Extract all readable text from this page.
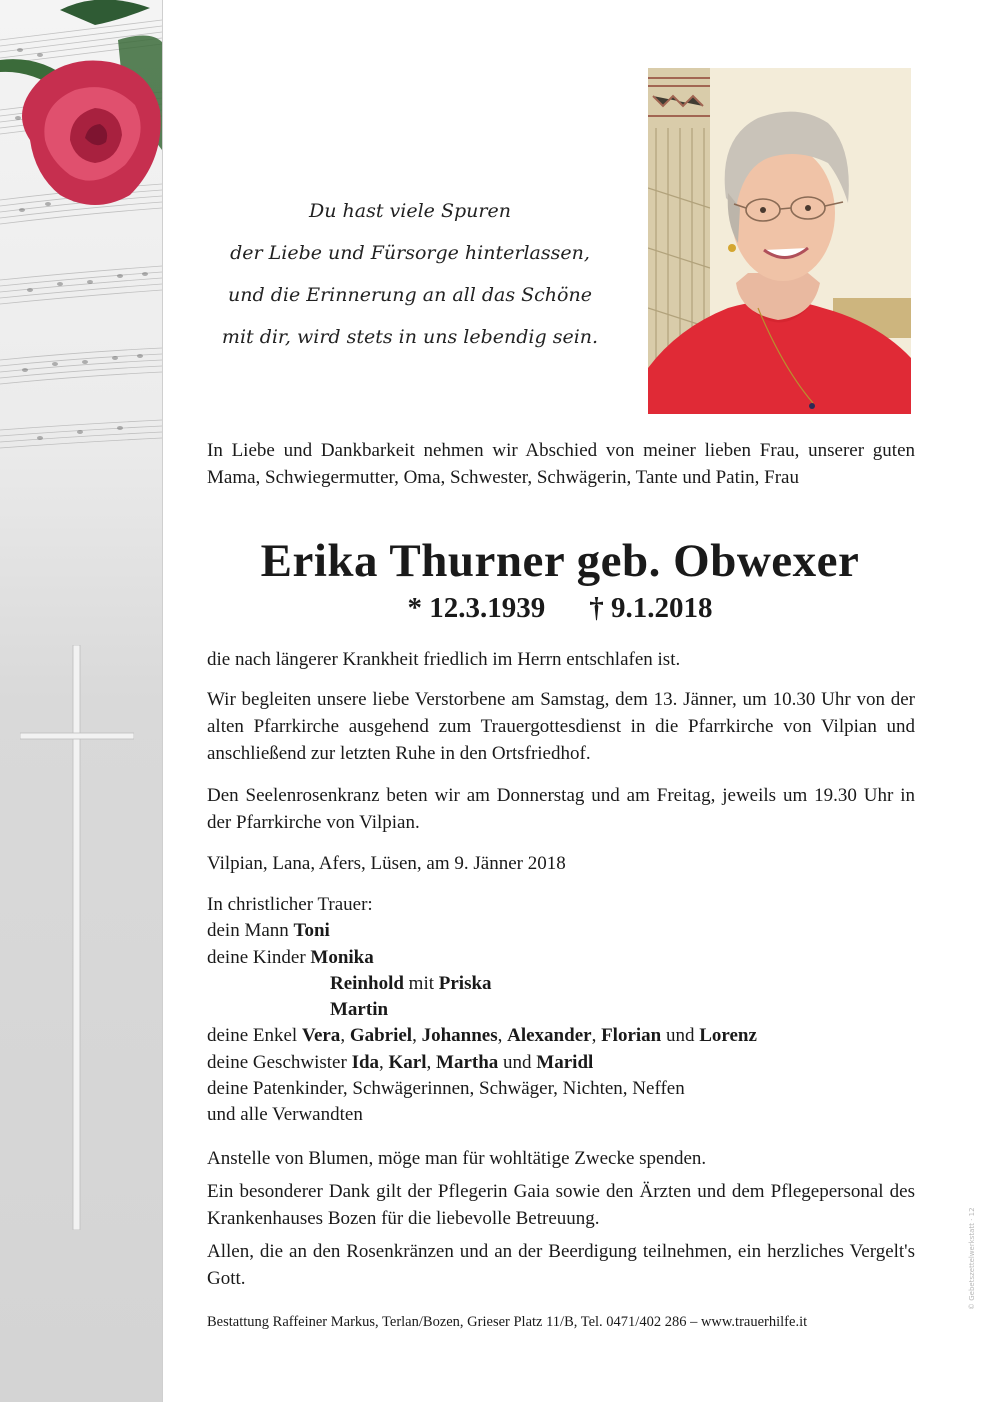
Du hast viele Spuren
der Liebe und Fürsorge hinterlassen,
und die Erinnerung an all das Schöne
mit dir, wird stets in uns lebendig sein.

In Liebe und Dankbarkeit nehmen wir Abschied von meiner lieben Frau, unserer guten Mama, Schwiegermutter, Oma, Schwester, Schwägerin, Tante und Patin, Frau

Erika Thurner geb. Obwexer
* 12.3.1939 † 9.1.2018

die nach längerer Krankheit friedlich im Herrn entschlafen ist.

Wir begleiten unsere liebe Verstorbene am Samstag, dem 13. Jänner, um 10.30 Uhr von der alten Pfarrkirche ausgehend zum Trauergottesdienst in die Pfarrkirche von Vilpian und anschließend zur letzten Ruhe in den Ortsfriedhof.

Den Seelenrosenkranz beten wir am Donnerstag und am Freitag, jeweils um 19.30 Uhr in der Pfarrkirche von Vilpian.

Vilpian, Lana, Afers, Lüsen, am 9. Jänner 2018

In christlicher Trauer:
dein Mann Toni
deine Kinder Monika
Reinhold mit Priska
Martin
deine Enkel Vera, Gabriel, Johannes, Alexander, Florian und Lorenz
deine Geschwister Ida, Karl, Martha und Maridl
deine Patenkinder, Schwägerinnen, Schwäger, Nichten, Neffen
und alle Verwandten

Anstelle von Blumen, möge man für wohltätige Zwecke spenden.

Ein besonderer Dank gilt der Pflegerin Gaia sowie den Ärzten und dem Pflegepersonal des Krankenhauses Bozen für die liebevolle Betreuung.

Allen, die an den Rosenkränzen und an der Beerdigung teilnehmen, ein herzliches Vergelt's Gott.

Bestattung Raffeiner Markus, Terlan/Bozen, Grieser Platz 11/B, Tel. 0471/402 286 – www.trauerhilfe.it
© Gebetszettelwerkstatt · 12
